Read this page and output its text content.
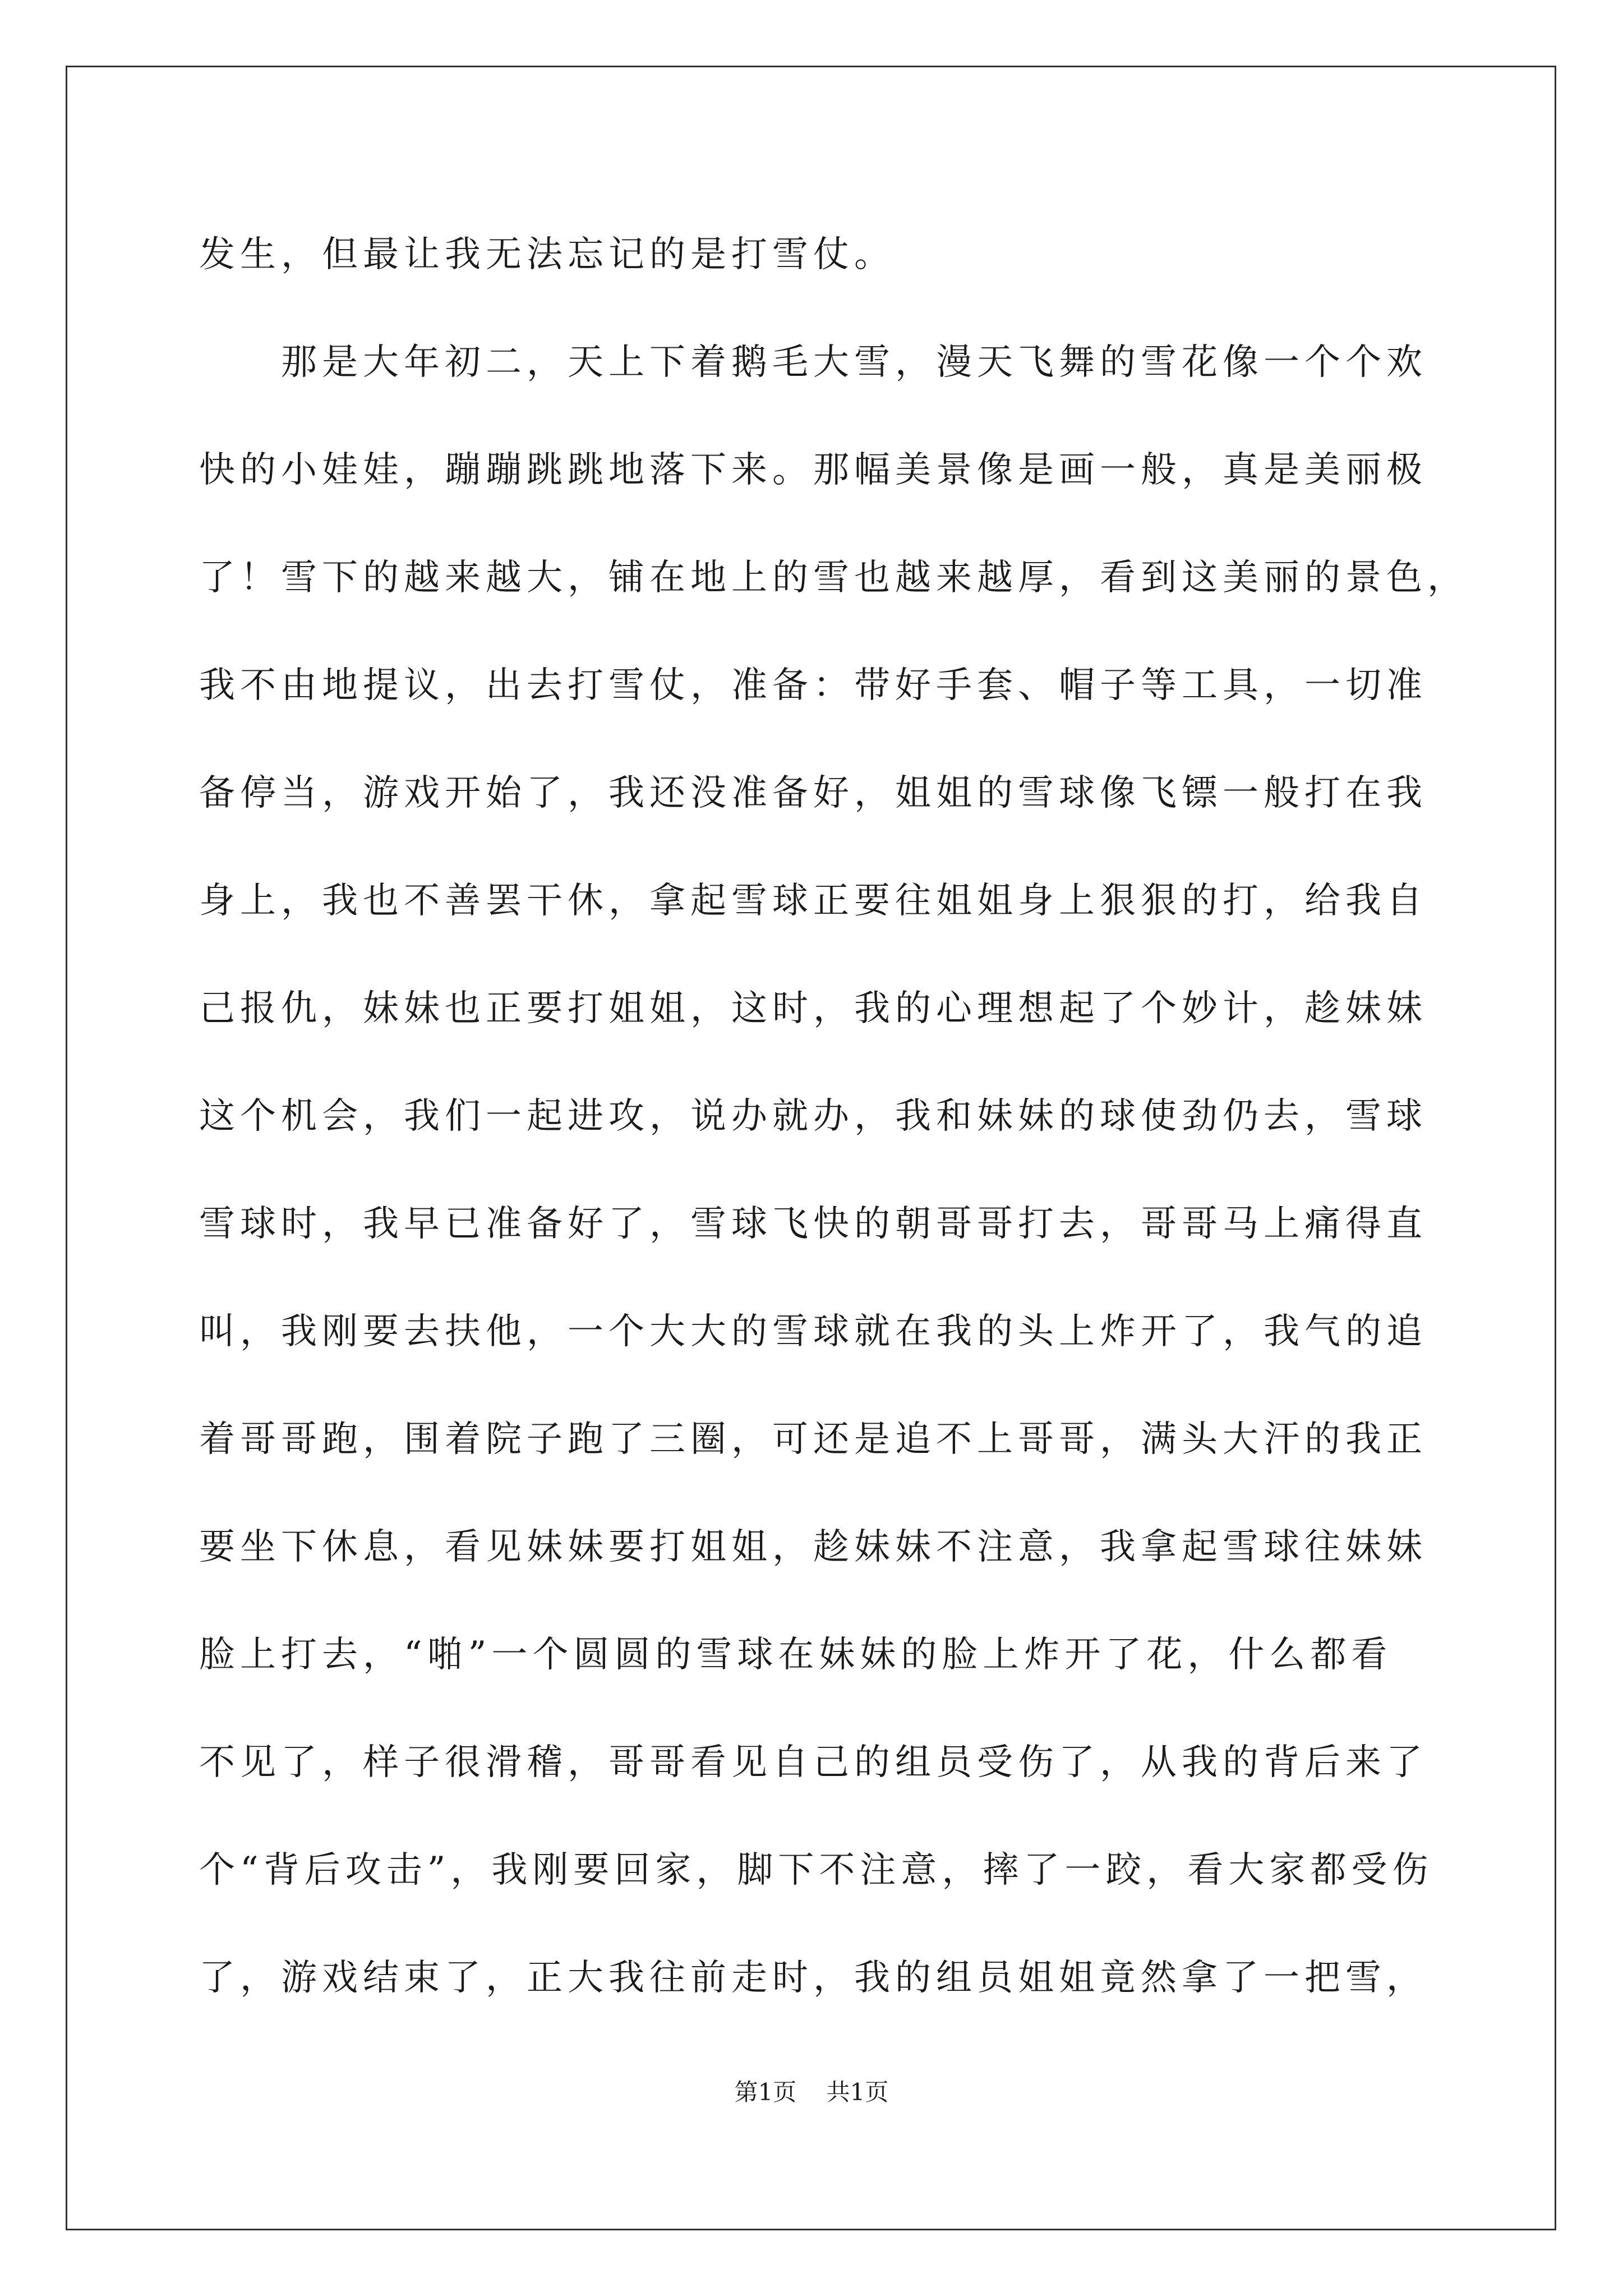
发生，但最让我无法忘记的是打雪仗。
那是大年初二，天上下着鹅毛大雪，漫天飞舞的雪花像一个个欢
快的小娃娃，蹦蹦跳跳地落下来。那幅美景像是画一般，真是美丽极
了！雪下的越来越大，铺在地上的雪也越来越厚，看到这美丽的景色，
我不由地提议，出去打雪仗，准备：带好手套、帽子等工具，一切准
备停当，游戏开始了，我还没准备好，姐姐的雪球像飞镖一般打在我
身上，我也不善罢干休，拿起雪球正要往姐姐身上狠狠的打，给我自
己报仇，妹妹也正要打姐姐，这时，我的心理想起了个妙计，趁妹妹
这个机会，我们一起进攻，说办就办，我和妹妹的球使劲仍去，雪球
雪球时，我早已准备好了，雪球飞快的朝哥哥打去，哥哥马上痛得直
叫，我刚要去扶他，一个大大的雪球就在我的头上炸开了，我气的追
着哥哥跑，围着院子跑了三圈，可还是追不上哥哥，满头大汗的我正
要坐下休息，看见妹妹要打姐姐，趁妹妹不注意，我拿起雪球往妹妹
脸上打去，“啪”一个圆圆的雪球在妹妹的脸上炸开了花，什么都看
不见了，样子很滑稽，哥哥看见自己的组员受伤了，从我的背后来了
个“背后攻击”，我刚要回家，脚下不注意，摔了一跤，看大家都受伤
了，游戏结束了，正大我往前走时，我的组员姐姐竟然拿了一把雪，
第1页 共1页
